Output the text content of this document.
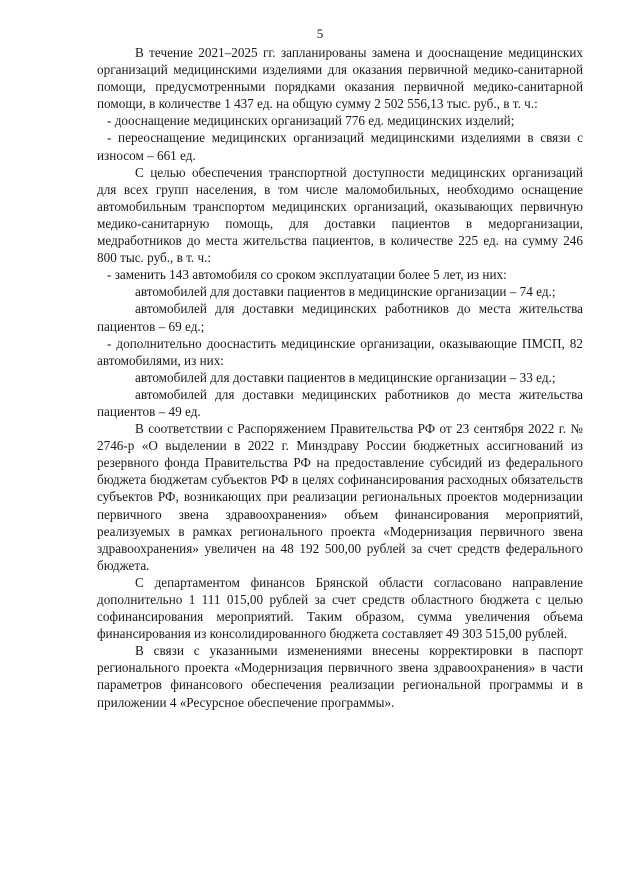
5

В течение 2021–2025 гг. запланированы замена и дооснащение медицинских организаций медицинскими изделиями для оказания первичной медико-санитарной помощи, предусмотренными порядками оказания первичной медико-санитарной помощи, в количестве 1 437 ед. на общую сумму 2 502 556,13 тыс. руб., в т. ч.:

- дооснащение медицинских организаций 776 ед. медицинских изделий;

- переоснащение медицинских организаций медицинскими изделиями в связи с износом – 661 ед.

С целью обеспечения транспортной доступности медицинских организаций для всех групп населения, в том числе маломобильных, необходимо оснащение автомобильным транспортом медицинских организаций, оказывающих первичную медико-санитарную помощь, для доставки пациентов в медорганизации, медработников до места жительства пациентов, в количестве 225 ед. на сумму 246 800 тыс. руб., в т. ч.:

- заменить 143 автомобиля со сроком эксплуатации более 5 лет, из них:

автомобилей для доставки пациентов в медицинские организации – 74 ед.;

автомобилей для доставки медицинских работников до места жительства пациентов – 69 ед.;

- дополнительно дооснастить медицинские организации, оказывающие ПМСП, 82 автомобилями, из них:

автомобилей для доставки пациентов в медицинские организации – 33 ед.;

автомобилей для доставки медицинских работников до места жительства пациентов – 49 ед.

В соответствии с Распоряжением Правительства РФ от 23 сентября 2022 г. № 2746-р «О выделении в 2022 г. Минздраву России бюджетных ассигнований из резервного фонда Правительства РФ на предоставление субсидий из федерального бюджета бюджетам субъектов РФ в целях софинансирования расходных обязательств субъектов РФ, возникающих при реализации региональных проектов модернизации первичного звена здравоохранения» объем финансирования мероприятий, реализуемых в рамках регионального проекта «Модернизация первичного звена здравоохранения» увеличен на 48 192 500,00 рублей за счет средств федерального бюджета.

С департаментом финансов Брянской области согласовано направление дополнительно 1 111 015,00 рублей за счет средств областного бюджета с целью софинансирования мероприятий. Таким образом, сумма увеличения объема финансирования из консолидированного бюджета составляет 49 303 515,00 рублей.

В связи с указанными изменениями внесены корректировки в паспорт регионального проекта «Модернизация первичного звена здравоохранения» в части параметров финансового обеспечения реализации региональной программы и в приложении 4 «Ресурсное обеспечение программы».
